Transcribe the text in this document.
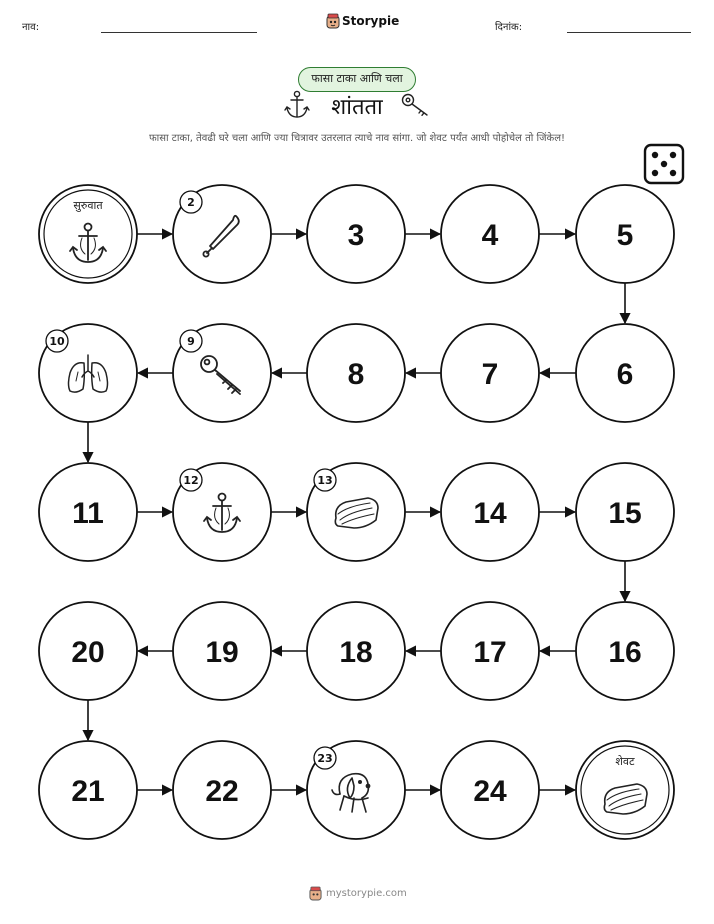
नाव:	Storypie	दिनांक:
फासा टाका आणि चला
शांतता
फासा टाका, तेवढी घरे चला आणि ज्या चित्रावर उतरलात त्याचे नाव सांगा. जो शेवट पर्यंत आधी पोहोचेल तो जिंकेल!
सुरुवात	2
3	4	5
10	9
8	7	6
11
12	13
14	15
20	19	18	17	16
21	22
23
24
शेवट
mystorypie.com
